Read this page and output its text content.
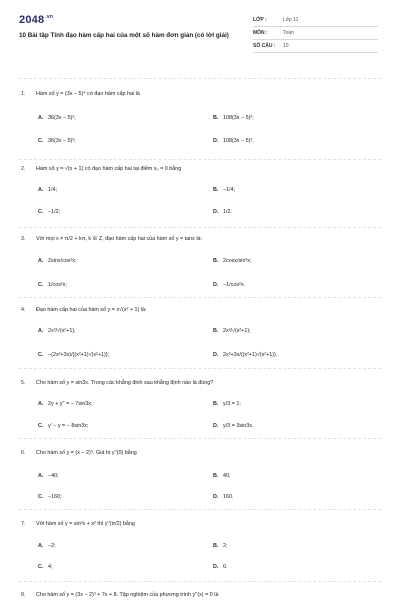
$2048^{.vn}$
10 Bài tập Tính đạo hàm cấp hai của một số hàm đơn giản (có lời giải)
LỚP :	Lớp 11
MÔN :	Toán
SỐ CÂU : 10
1. Hàm số y = (3x − 5)⁴ có đạo hàm cấp hai là
A. 36(3x − 5)²;	B. 108(3x − 5)²;
C. 36(3x − 5)³;	D. 108(3x − 5)³.
2. Hàm số y = √(x + 1) có đạo hàm cấp hai tại điểm x₀ = 0 bằng
A. 1/4;	B. −1/4;
C. −1/2;	D. 1/2.
3. Với mọi x ≠ π/2 + kπ, k ∈ Z, đạo hàm cấp hai của hàm số y = tanx là:
A. 2sinx/cos³x;	B. 2cosx/sin³x;
C. 1/cos²x;	D. −1/cos²x.
4. Đạo hàm cấp hai của hàm số y = x√(x² + 1) là:
A. 2x²/√(x²+1);	B. 2x²/√(x²+1);
C. −(2x²+3x)/((x²+1)√(x²+1));	D. 2x³+3x/((x²+1)√(x²+1)).
5. Cho hàm số y = sin3x. Trong các khẳng định sau khẳng định nào là đúng?
A. 2y + y'' = − 7sin3x;	B. y/3 = 1;
C. y' − y = − 8sin3x;	D. y/3 = 3sin3x.
6. Cho hàm số y = (x − 2)⁵. Giá trị y''(0) bằng
A. −40;	B. 40;
C. −160;	D. 160.
7. Với hàm số y = sin²x + x² thì y''(π/2) bằng
A. −2;	B. 2;
C. 4;	D. 0.
8. Cho hàm số y = (3x − 2)³ + 7x + 8. Tập nghiệm của phương trình y''(x) = 0 là
